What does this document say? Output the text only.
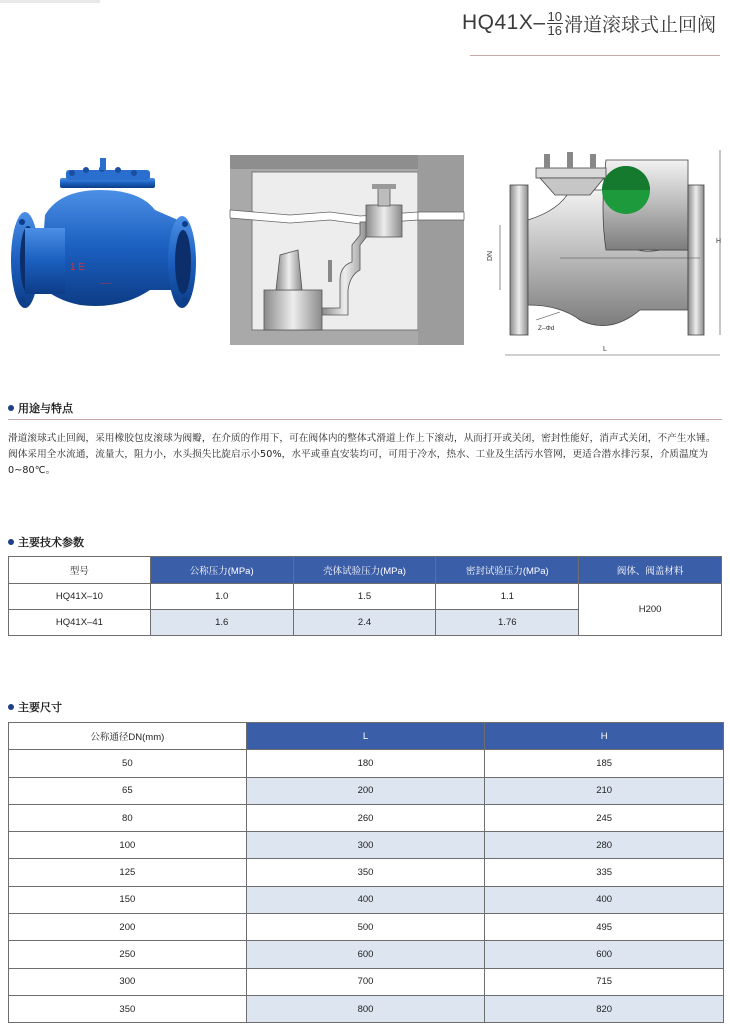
$HQ41X- \frac{10}{16}$ 滑道滚球式止回阀
1 E
~~~
DN
H
L
Z–Φd
用途与特点
滑道滚球式止回阀，采用橡胶包皮滚球为阀瓣，在介质的作用下，可在阀体内的整体式滑道上作上下滚动，从而打开或关闭，密封性能好，消声式关闭，不产生水锤。阀体采用全水流通，流量大，阻力小，水头损失比旋启示小50%，水平或垂直安装均可，可用于冷水，热水、工业及生活污水管网，更适合潜水排污泵，介质温度为0~80℃。
主要技术参数
型号	公称压力(MPa)	壳体试验压力(MPa)	密封试验压力(MPa)	阀体、阀盖材料
HQ41X–10	1.0	1.5	1.1	H200
HQ41X–41	1.6	2.4	1.76	
主要尺寸
公称通径DN(mm)	L	H
50	180	185
65	200	210
80	260	245
100	300	280
125	350	335
150	400	400
200	500	495
250	600	600
300	700	715
350	800	820
